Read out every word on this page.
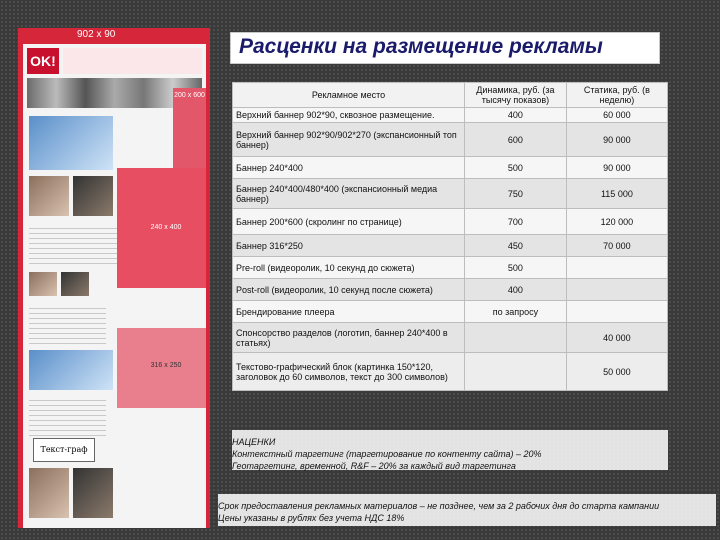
Расценки на размещение рекламы
902 x 90
OK!
200 x 600
240 x 400
316 x 250
Текст-граф
Рекламное место	Динамика, руб. (за тысячу показов)	Статика, руб. (в неделю)
Верхний баннер 902*90, сквозное размещение.	400	60 000
Верхний баннер 902*90/902*270 (экспансионный топ баннер)	600	90 000
Баннер 240*400	500	90 000
Баннер 240*400/480*400 (экспансионный медиа баннер)	750	115 000
Баннер 200*600 (скролинг по странице)	700	120 000
Баннер 316*250	450	70 000
Pre-roll (видеоролик, 10 секунд до сюжета)	500	
Post-roll (видеоролик, 10 секунд после сюжета)	400	
Брендирование плеера	по запросу	
Спонсорство разделов (логотип, баннер 240*400 в статьях)		40 000
Текстово-графический блок (картинка 150*120, заголовок до 60 символов, текст до 300 символов)		50 000
НАЦЕНКИ
Контекстный таргетинг (таргетирование по контенту сайта) – 20%
Геотаргетинг, временной, R&F – 20% за каждый вид таргетинга
Срок предоставления рекламных материалов – не позднее, чем за 2 рабочих дня до старта кампании
Цены указаны в рублях без учета НДС 18%
